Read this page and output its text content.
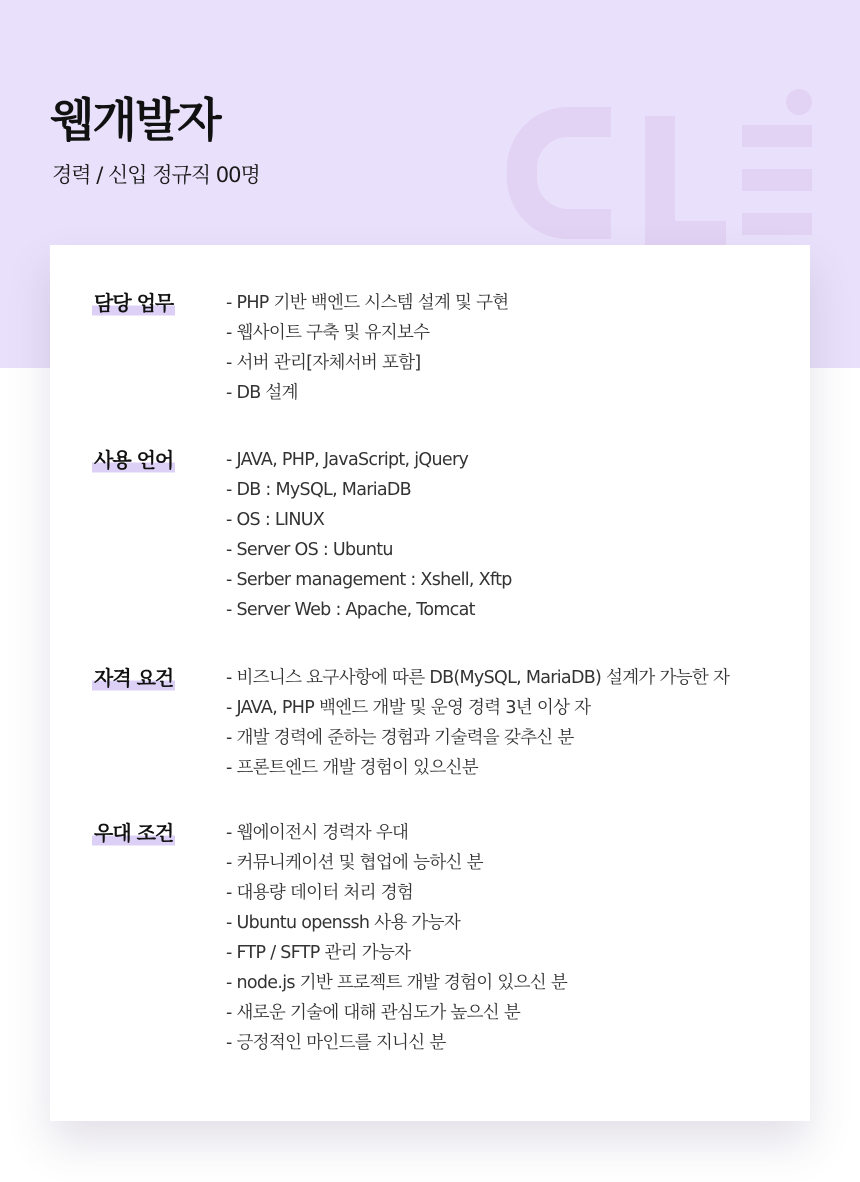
웹개발자

경력 / 신입 정규직 00명

담당 업무	- PHP 기반 백엔드 시스템 설계 및 구현
- 웹사이트 구축 및 유지보수
- 서버 관리[자체서버 포함]
- DB 설계
사용 언어	- JAVA, PHP, JavaScript, jQuery
- DB : MySQL, MariaDB
- OS : LINUX
- Server OS : Ubuntu
- Serber management : Xshell, Xftp
- Server Web : Apache, Tomcat
자격 요건	- 비즈니스 요구사항에 따른 DB(MySQL, MariaDB) 설계가 가능한 자
- JAVA, PHP 백엔드 개발 및 운영 경력 3년 이상 자
- 개발 경력에 준하는 경험과 기술력을 갖추신 분
- 프론트엔드 개발 경험이 있으신분
우대 조건	- 웹에이전시 경력자 우대
- 커뮤니케이션 및 협업에 능하신 분
- 대용량 데이터 처리 경험
- Ubuntu openssh 사용 가능자
- FTP / SFTP 관리 가능자
- node.js 기반 프로젝트 개발 경험이 있으신 분
- 새로운 기술에 대해 관심도가 높으신 분
- 긍정적인 마인드를 지니신 분
